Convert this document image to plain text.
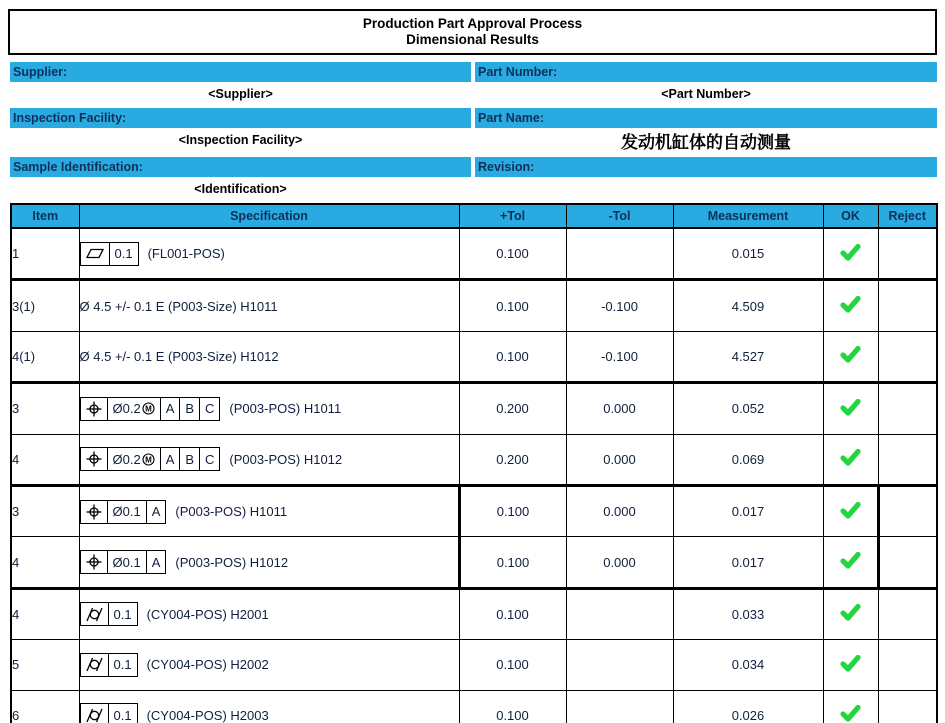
Production Part Approval Process
Dimensional Results
Supplier:	Part Number:
<Supplier>	<Part Number>
Inspection Facility:	Part Name:
<Inspection Facility>	发动机缸体的自动测量
Sample Identification:	Revision:
<Identification>
Item	Specification	+Tol	-Tol	Measurement	OK	Reject
1	0.1 (FL001-POS)	0.100		0.015	

3(1)	Ø 4.5 +/- 0.1 E (P003-Size) H1011	0.100	-0.100	4.509	

4(1)	Ø 4.5 +/- 0.1 E (P003-Size) H1012	0.100	-0.100	4.527	

3	Ø0.2 M A B C (P003-POS) H1011	0.200	0.000	0.052	

4	Ø0.2 M A B C (P003-POS) H1012	0.200	0.000	0.069	

3	Ø0.1 A (P003-POS) H1011	0.100	0.000	0.017	

4	Ø0.1 A (P003-POS) H1012	0.100	0.000	0.017	

4	0.1 (CY004-POS) H2001	0.100		0.033	

5	0.1 (CY004-POS) H2002	0.100		0.034	

6	0.1 (CY004-POS) H2003	0.100		0.026	
